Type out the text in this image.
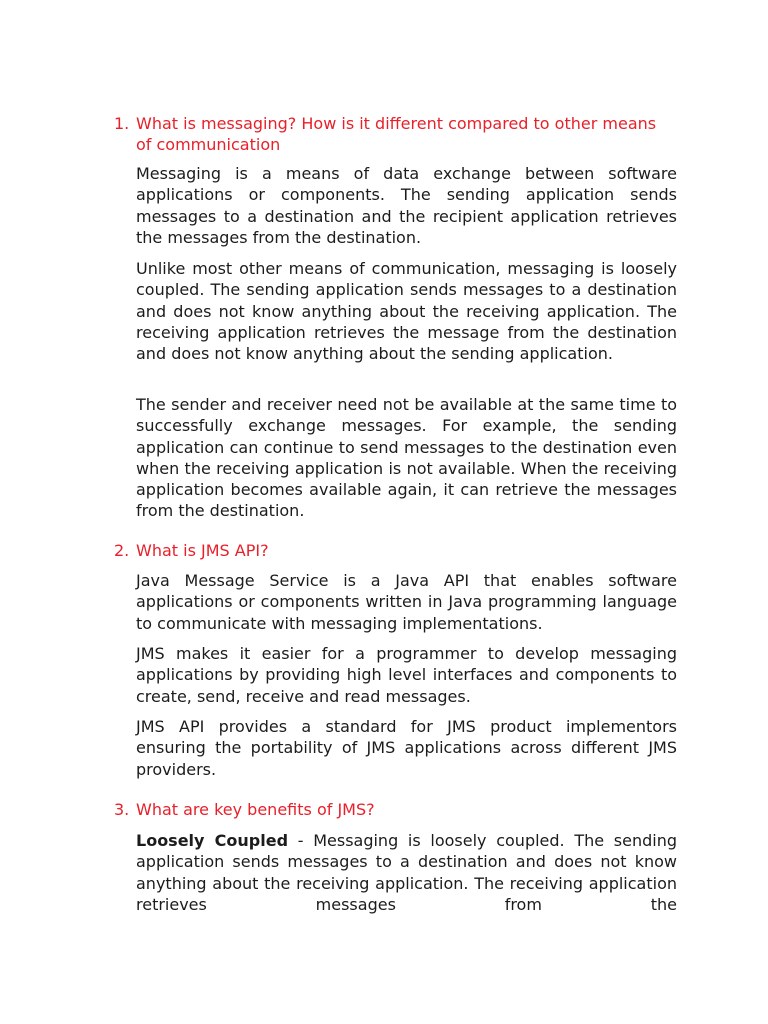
1. What is messaging? How is it different compared to other means of communication
Messaging is a means of data exchange between software applications or components. The sending application sends messages to a destination and the recipient application retrieves the messages from the destination.
Unlike most other means of communication, messaging is loosely coupled. The sending application sends messages to a destination and does not know anything about the receiving application. The receiving application retrieves the message from the destination and does not know anything about the sending application.
The sender and receiver need not be available at the same time to successfully exchange messages. For example, the sending application can continue to send messages to the destination even when the receiving application is not available. When the receiving application becomes available again, it can retrieve the messages from the destination.
2. What is JMS API?
Java Message Service is a Java API that enables software applications or components written in Java programming language to communicate with messaging implementations.
JMS makes it easier for a programmer to develop messaging applications by providing high level interfaces and components to create, send, receive and read messages.
JMS API provides a standard for JMS product implementors ensuring the portability of JMS applications across different JMS providers.
3. What are key benefits of JMS?
Loosely Coupled - Messaging is loosely coupled. The sending application sends messages to a destination and does not know anything about the receiving application. The receiving application retrieves messages from the
